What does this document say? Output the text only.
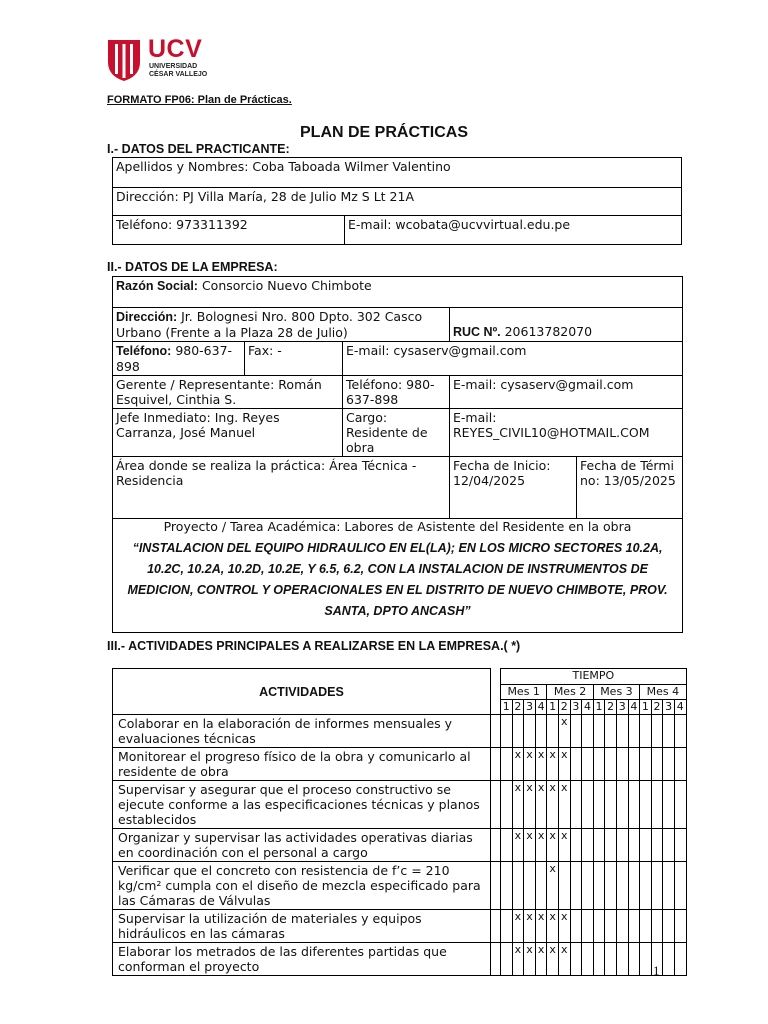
UCV
UNIVERSIDAD
CÉSAR VALLEJO
FORMATO FP06: Plan de Prácticas.
PLAN DE PRÁCTICAS
I.- DATOS DEL PRACTICANTE:
Apellidos y Nombres: Coba Taboada Wilmer Valentino
Dirección: PJ Villa María, 28 de Julio Mz S Lt 21A
Teléfono: 973311392	E-mail: wcobata@ucvvirtual.edu.pe
II.- DATOS DE LA EMPRESA:
Razón Social: Consorcio Nuevo Chimbote				
Dirección: Jr. Bolognesi Nro. 800 Dpto. 302 Casco Urbano (Frente a la Plaza 28 de Julio)			RUC Nº. 20613782070	
Teléfono: 980-637-898	Fax: -	E-mail: cysaserv@gmail.com		
Gerente / Representante: Román Esquivel, Cinthia S.		Teléfono: 980-637-898	E-mail: cysaserv@gmail.com	
Jefe Inmediato: Ing. Reyes Carranza, José Manuel		Cargo: Residente de obra	E-mail: REYES_CIVIL10@HOTMAIL.COM	
Área donde se realiza la práctica: Área Técnica - Residencia			Fecha de Inicio: 12/04/2025	Fecha de Término: 13/05/2025

Proyecto / Tarea Académica: Labores de Asistente del Residente en la obra
“INSTALACION DEL EQUIPO HIDRAULICO EN EL(LA); EN LOS MICRO SECTORES 10.2A, 10.2C, 10.2A, 10.2D, 10.2E, Y 6.5, 6.2, CON LA INSTALACION DE INSTRUMENTOS DE MEDICION, CONTROL Y OPERACIONALES EN EL DISTRITO DE NUEVO CHIMBOTE, PROV. SANTA, DPTO ANCASH”				
III.- ACTIVIDADES PRINCIPALES A REALIZARSE EN LA EMPRESA.( *)
ACTIVIDADES		TIEMPO															
		Mes 1				Mes 2				Mes 3				Mes 4			
		1	2	3	4	1	2	3	4	1	2	3	4	1	2	3	4
Colaborar en la elaboración de informes mensuales y evaluaciones técnicas							x										
Monitorear el progreso físico de la obra y comunicarlo al residente de obra			x	x	x	x	x										
Supervisar y asegurar que el proceso constructivo se ejecute conforme a las especificaciones técnicas y planos establecidos			x	x	x	x	x										
Organizar y supervisar las actividades operativas diarias en coordinación con el personal a cargo			x	x	x	x	x										
Verificar que el concreto con resistencia de f’c = 210 kg/cm² cumpla con el diseño de mezcla especificado para las Cámaras de Válvulas						x											
Supervisar la utilización de materiales y equipos hidráulicos en las cámaras			x	x	x	x	x										
Elaborar los metrados de las diferentes partidas que conforman el proyecto			x	x	x	x	x										
1
